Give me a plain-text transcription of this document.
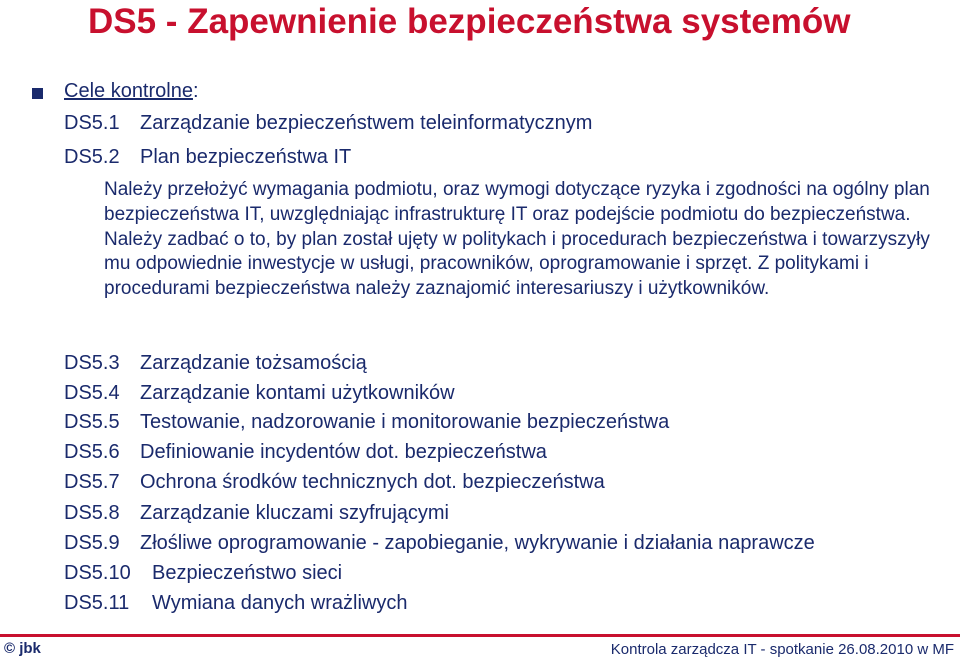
DS5 - Zapewnienie bezpieczeństwa systemów
Cele kontrolne:
DS5.1 Zarządzanie bezpieczeństwem teleinformatycznym
DS5.2 Plan bezpieczeństwa IT

Należy przełożyć wymagania podmiotu, oraz wymogi dotyczące ryzyka i zgodności na ogólny plan bezpieczeństwa IT, uwzględniając infrastrukturę IT oraz podejście podmiotu do bezpieczeństwa. Należy zadbać o to, by plan został ujęty w politykach i procedurach bezpieczeństwa i towarzyszyły mu odpowiednie inwestycje w usługi, pracowników, oprogramowanie i sprzęt. Z politykami i procedurami bezpieczeństwa należy zaznajomić interesariuszy i użytkowników.

DS5.3 Zarządzanie tożsamością
DS5.4 Zarządzanie kontami użytkowników
DS5.5 Testowanie, nadzorowanie i monitorowanie bezpieczeństwa
DS5.6 Definiowanie incydentów dot. bezpieczeństwa
DS5.7 Ochrona środków technicznych dot. bezpieczeństwa
DS5.8 Zarządzanie kluczami szyfrującymi
DS5.9 Złośliwe oprogramowanie - zapobieganie, wykrywanie i działania naprawcze
DS5.10 Bezpieczeństwo sieci
DS5.11 Wymiana danych wrażliwych
© jbk	Kontrola zarządcza IT - spotkanie 26.08.2010 w MF
